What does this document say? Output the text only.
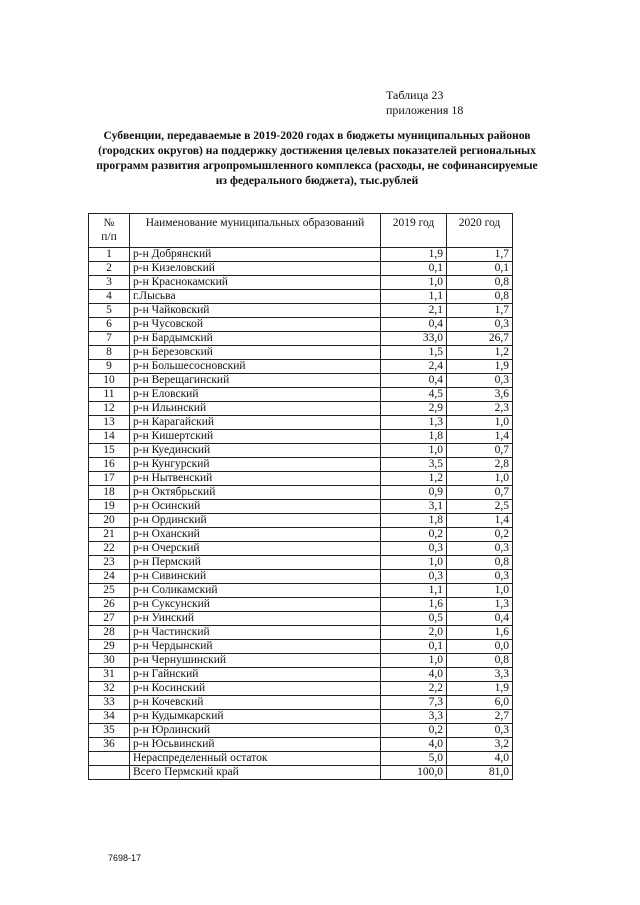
Таблица 23
приложения 18
Субвенции, передаваемые в 2019-2020 годах в бюджеты муниципальных районов
(городских округов) на поддержку достижения целевых показателей региональных
программ развития агропромышленного комплекса (расходы, не софинансируемые
из федерального бюджета), тыс.рублей
№
п/п	Наименование муниципальных образований	2019 год	2020 год
1	р-н Добрянский	1,9	1,7
2	р-н Кизеловский	0,1	0,1
3	р-н Краснокамский	1,0	0,8
4	г.Лысьва	1,1	0,8
5	р-н Чайковский	2,1	1,7
6	р-н Чусовской	0,4	0,3
7	р-н Бардымский	33,0	26,7
8	р-н Березовский	1,5	1,2
9	р-н Большесосновский	2,4	1,9
10	р-н Верещагинский	0,4	0,3
11	р-н Еловский	4,5	3,6
12	р-н Ильинский	2,9	2,3
13	р-н Карагайский	1,3	1,0
14	р-н Кишертский	1,8	1,4
15	р-н Куединский	1,0	0,7
16	р-н Кунгурский	3,5	2,8
17	р-н Нытвенский	1,2	1,0
18	р-н Октябрьский	0,9	0,7
19	р-н Осинский	3,1	2,5
20	р-н Ординский	1,8	1,4
21	р-н Оханский	0,2	0,2
22	р-н Очерский	0,3	0,3
23	р-н Пермский	1,0	0,8
24	р-н Сивинский	0,3	0,3
25	р-н Соликамский	1,1	1,0
26	р-н Суксунский	1,6	1,3
27	р-н Уинский	0,5	0,4
28	р-н Частинский	2,0	1,6
29	р-н Чердынский	0,1	0,0
30	р-н Чернушинский	1,0	0,8
31	р-н Гайнский	4,0	3,3
32	р-н Косинский	2,2	1,9
33	р-н Кочевский	7,3	6,0
34	р-н Кудымкарский	3,3	2,7
35	р-н Юрлинский	0,2	0,3
36	р-н Юсьвинский	4,0	3,2
	Нераспределенный остаток	5,0	4,0
	Всего Пермский край	100,0	81,0
7698-17
